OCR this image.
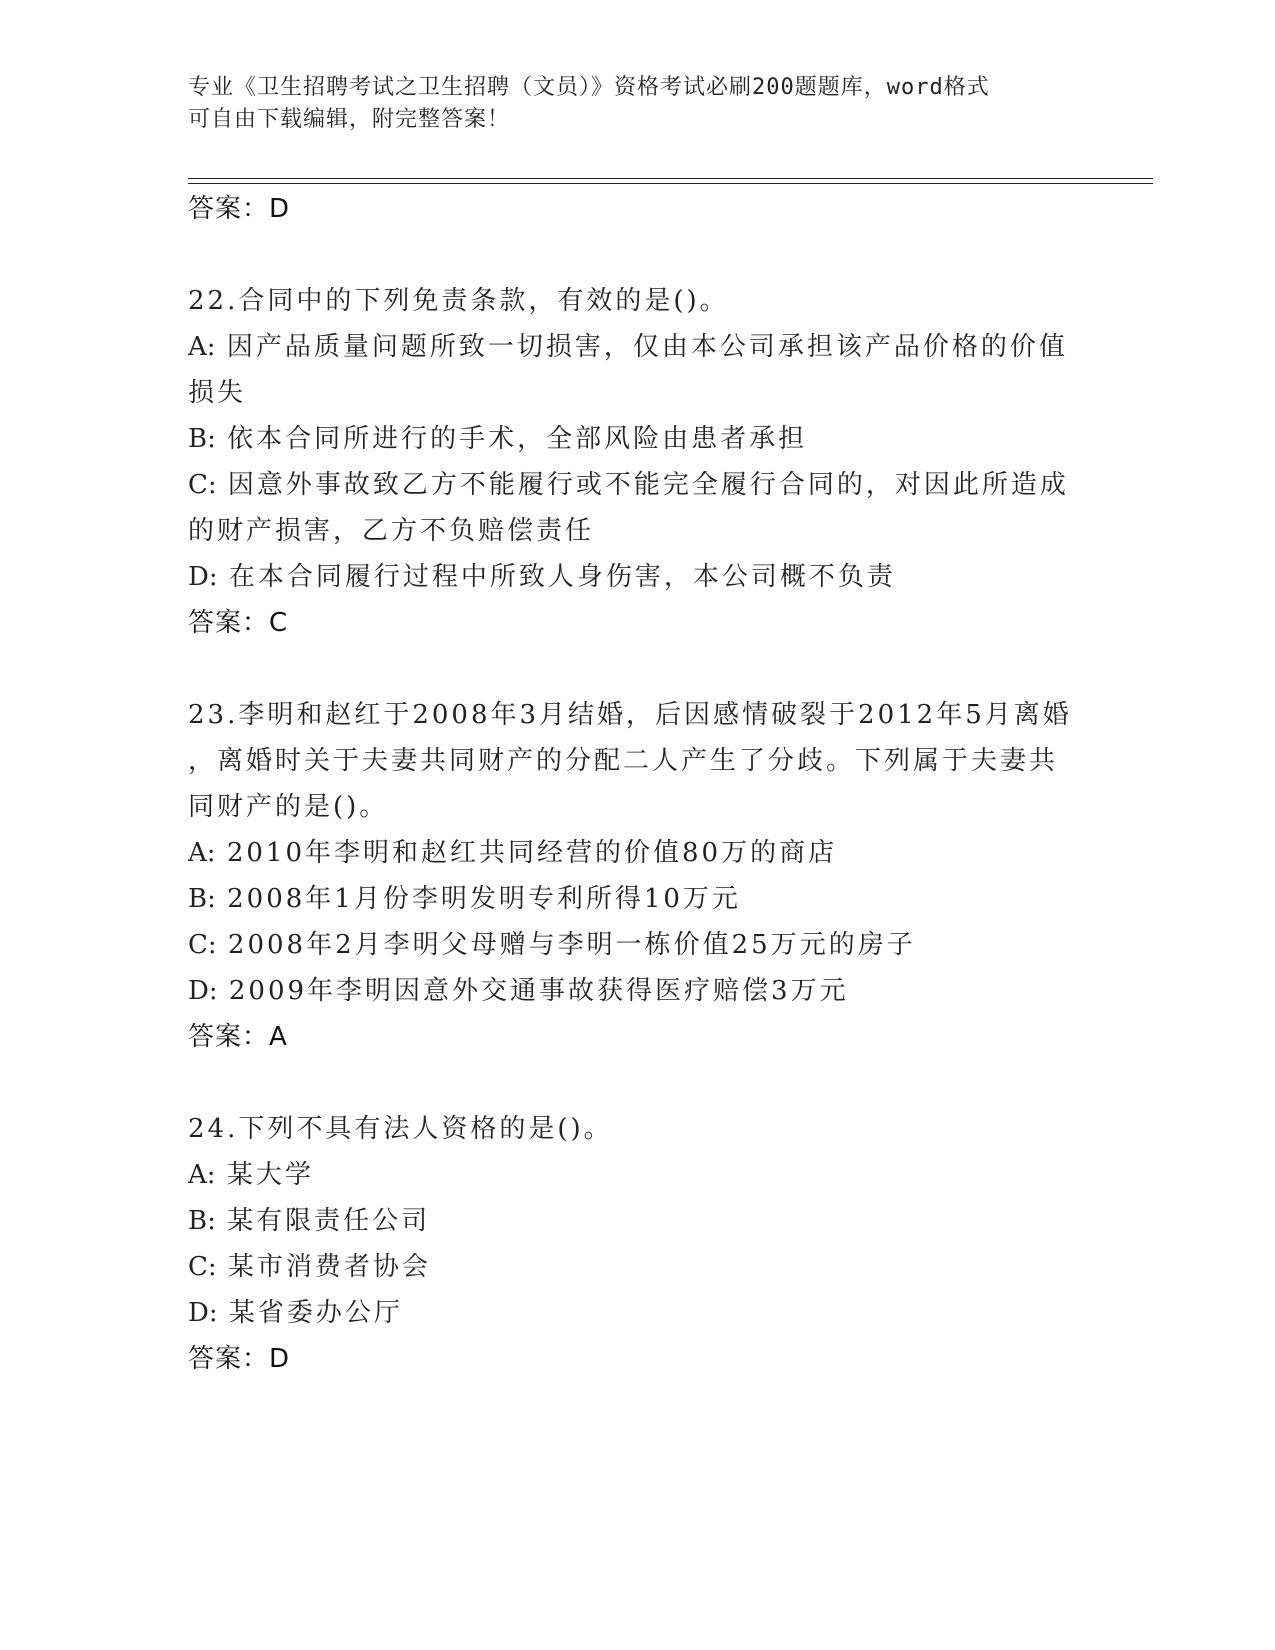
专业《卫生招聘考试之卫生招聘（文员）》资格考试必刷200题题库，word格式
可自由下载编辑，附完整答案！
答案：D
22.合同中的下列免责条款，有效的是()。
A: 因产品质量问题所致一切损害，仅由本公司承担该产品价格的价值
损失
B: 依本合同所进行的手术，全部风险由患者承担
C: 因意外事故致乙方不能履行或不能完全履行合同的，对因此所造成
的财产损害，乙方不负赔偿责任
D: 在本合同履行过程中所致人身伤害，本公司概不负责
答案：C
23.李明和赵红于2008年3月结婚，后因感情破裂于2012年5月离婚
，离婚时关于夫妻共同财产的分配二人产生了分歧。下列属于夫妻共
同财产的是()。
A: 2010年李明和赵红共同经营的价值80万的商店
B: 2008年1月份李明发明专利所得10万元
C: 2008年2月李明父母赠与李明一栋价值25万元的房子
D: 2009年李明因意外交通事故获得医疗赔偿3万元
答案：A
24.下列不具有法人资格的是()。
A: 某大学
B: 某有限责任公司
C: 某市消费者协会
D: 某省委办公厅
答案：D
